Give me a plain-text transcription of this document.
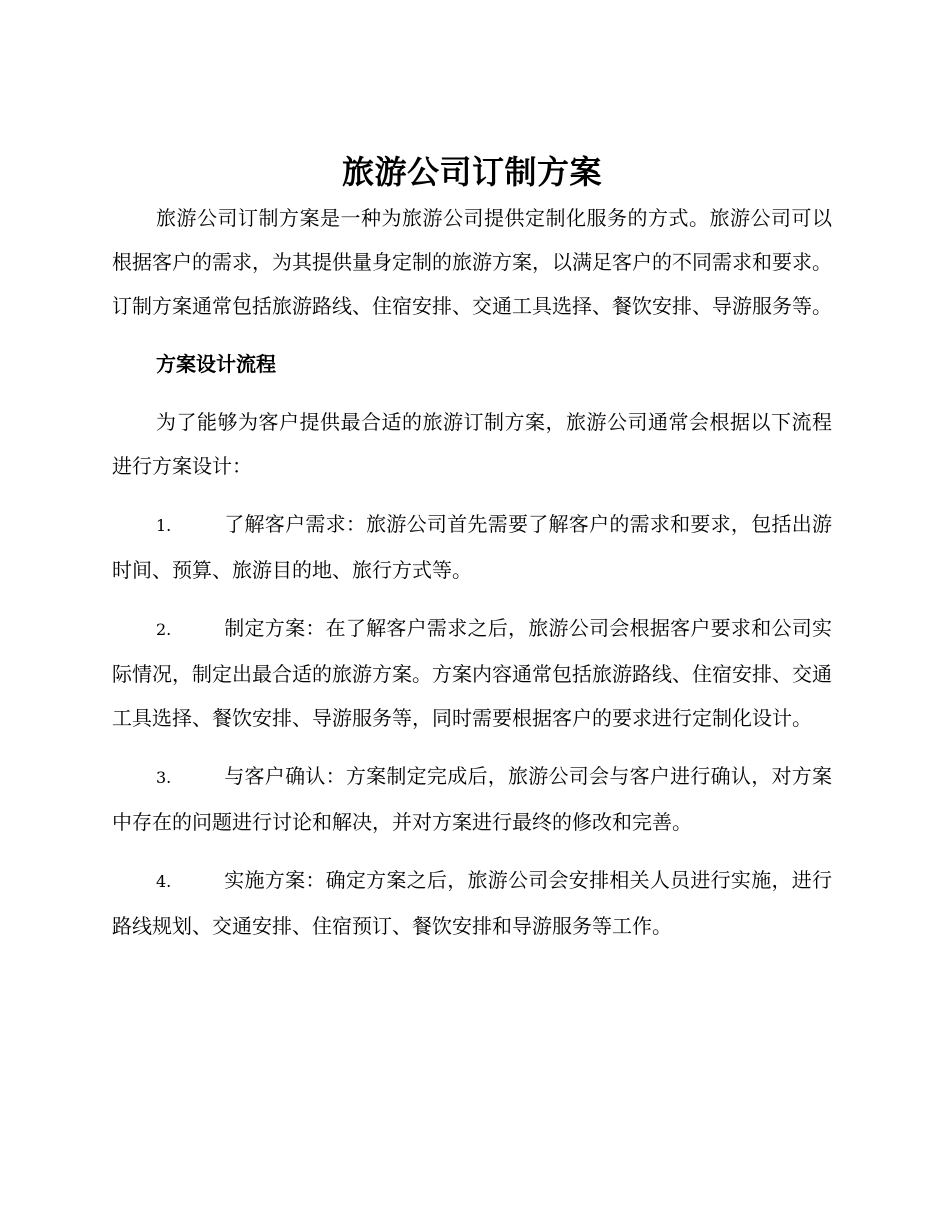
旅游公司订制方案

旅游公司订制方案是一种为旅游公司提供定制化服务的方式。旅游公司可以根据客户的需求，为其提供量身定制的旅游方案，以满足客户的不同需求和要求。订制方案通常包括旅游路线、住宿安排、交通工具选择、餐饮安排、导游服务等。

方案设计流程

为了能够为客户提供最合适的旅游订制方案，旅游公司通常会根据以下流程进行方案设计：

1.	了解客户需求：旅游公司首先需要了解客户的需求和要求，包括出游时间、预算、旅游目的地、旅行方式等。

2.	制定方案：在了解客户需求之后，旅游公司会根据客户要求和公司实际情况，制定出最合适的旅游方案。方案内容通常包括旅游路线、住宿安排、交通工具选择、餐饮安排、导游服务等，同时需要根据客户的要求进行定制化设计。

3.	与客户确认：方案制定完成后，旅游公司会与客户进行确认，对方案中存在的问题进行讨论和解决，并对方案进行最终的修改和完善。

4.	实施方案：确定方案之后，旅游公司会安排相关人员进行实施，进行路线规划、交通安排、住宿预订、餐饮安排和导游服务等工作。
